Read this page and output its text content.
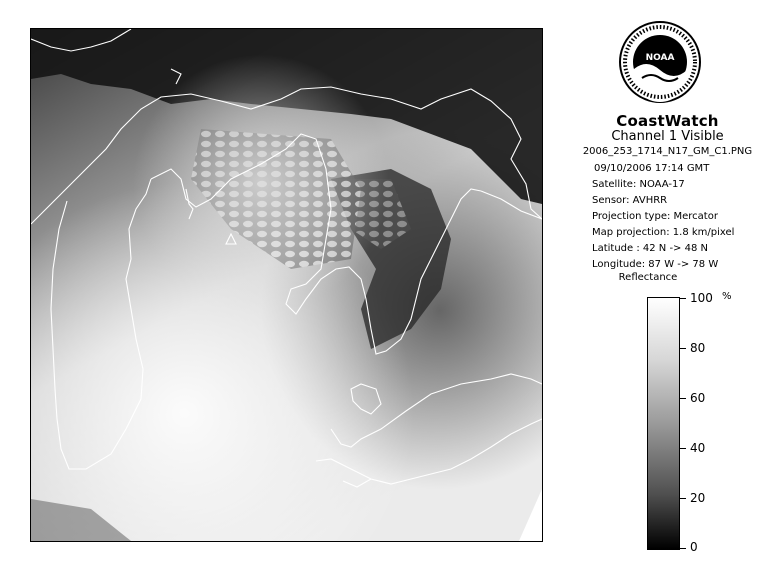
NOAA
CoastWatch
Channel 1 Visible
2006_253_1714_N17_GM_C1.PNG
09/10/2006 17:14 GMT
Satellite: NOAA-17
Sensor: AVHRR
Projection type: Mercator
Map projection: 1.8 km/pixel
Latitude : 42 N -> 48 N
Longitude: 87 W -> 78 W
Reflectance
%
100
80
60
40
20
0
